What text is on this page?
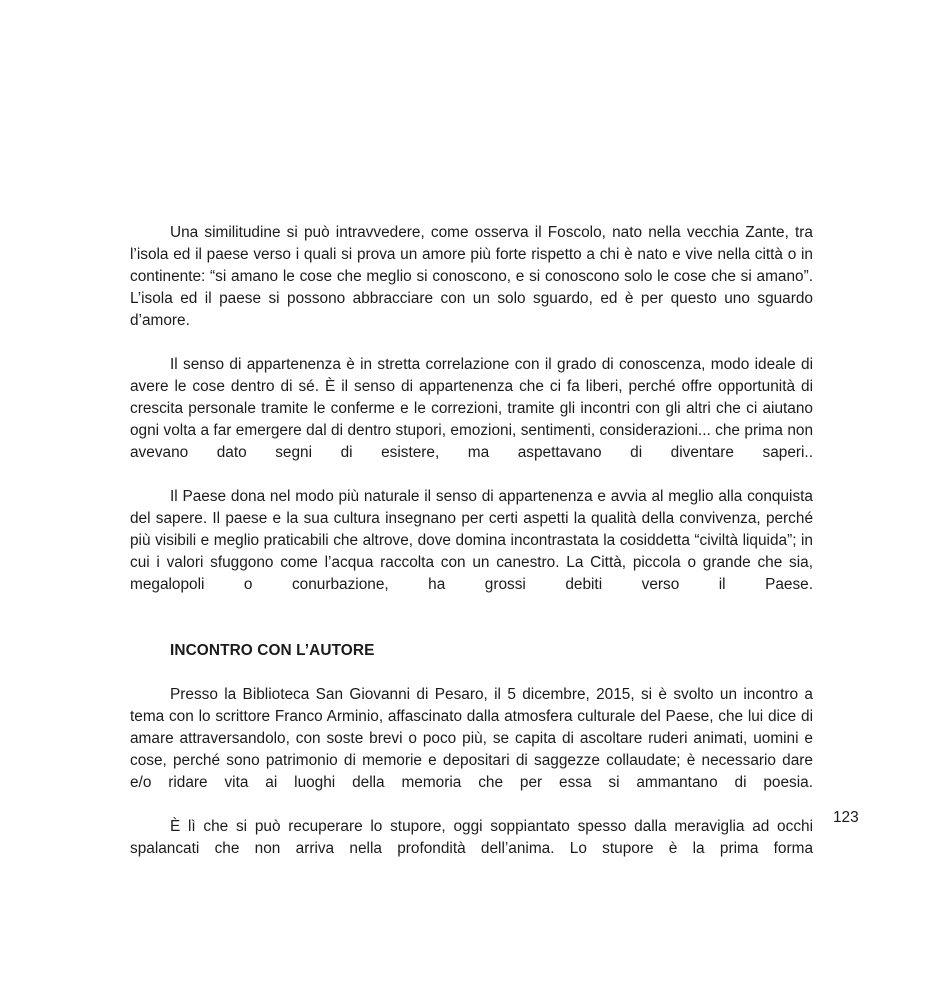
Una similitudine si può intravvedere, come osserva il Foscolo, nato nella vecchia Zante, tra l’isola ed il paese verso i quali si prova un amore più forte rispetto a chi è nato e vive nella città o in continente: “si amano le cose che meglio si conoscono, e si conoscono solo le cose che si amano”. L’isola ed il paese si possono abbracciare con un solo sguardo, ed è per questo uno sguardo d’amore.

Il senso di appartenenza è in stretta correlazione con il grado di conoscenza, modo ideale di avere le cose dentro di sé. È il senso di appartenenza che ci fa liberi, perché offre opportunità di crescita personale tramite le conferme e le correzioni, tramite gli incontri con gli altri che ci aiutano ogni volta a far emergere dal di dentro stupori, emozioni, sentimenti, considerazioni... che prima non avevano dato segni di esistere, ma aspettavano di diventare saperi..

Il Paese dona nel modo più naturale il senso di appartenenza e avvia al meglio alla conquista del sapere. Il paese e la sua cultura insegnano per certi aspetti la qualità della convivenza, perché più visibili e meglio praticabili che altrove, dove domina incontrastata la cosiddetta “civiltà liquida”; in cui i valori sfuggono come l’acqua raccolta con un canestro. La Città, piccola o grande che sia, megalopoli o conurbazione, ha grossi debiti verso il Paese.

INCONTRO CON L’AUTORE

Presso la Biblioteca San Giovanni di Pesaro, il 5 dicembre, 2015, si è svolto un incontro a tema con lo scrittore Franco Arminio, affascinato dalla atmosfera culturale del Paese, che lui dice di amare attraversandolo, con soste brevi o poco più, se capita di ascoltare ruderi animati, uomini e cose, perché sono patrimonio di memorie e depositari di saggezze collaudate; è necessario dare e/o ridare vita ai luoghi della memoria che per essa si ammantano di poesia.

È lì che si può recuperare lo stupore, oggi soppiantato spesso dalla meraviglia ad occhi spalancati che non arriva nella profondità dell’anima. Lo stupore è la prima forma

123
